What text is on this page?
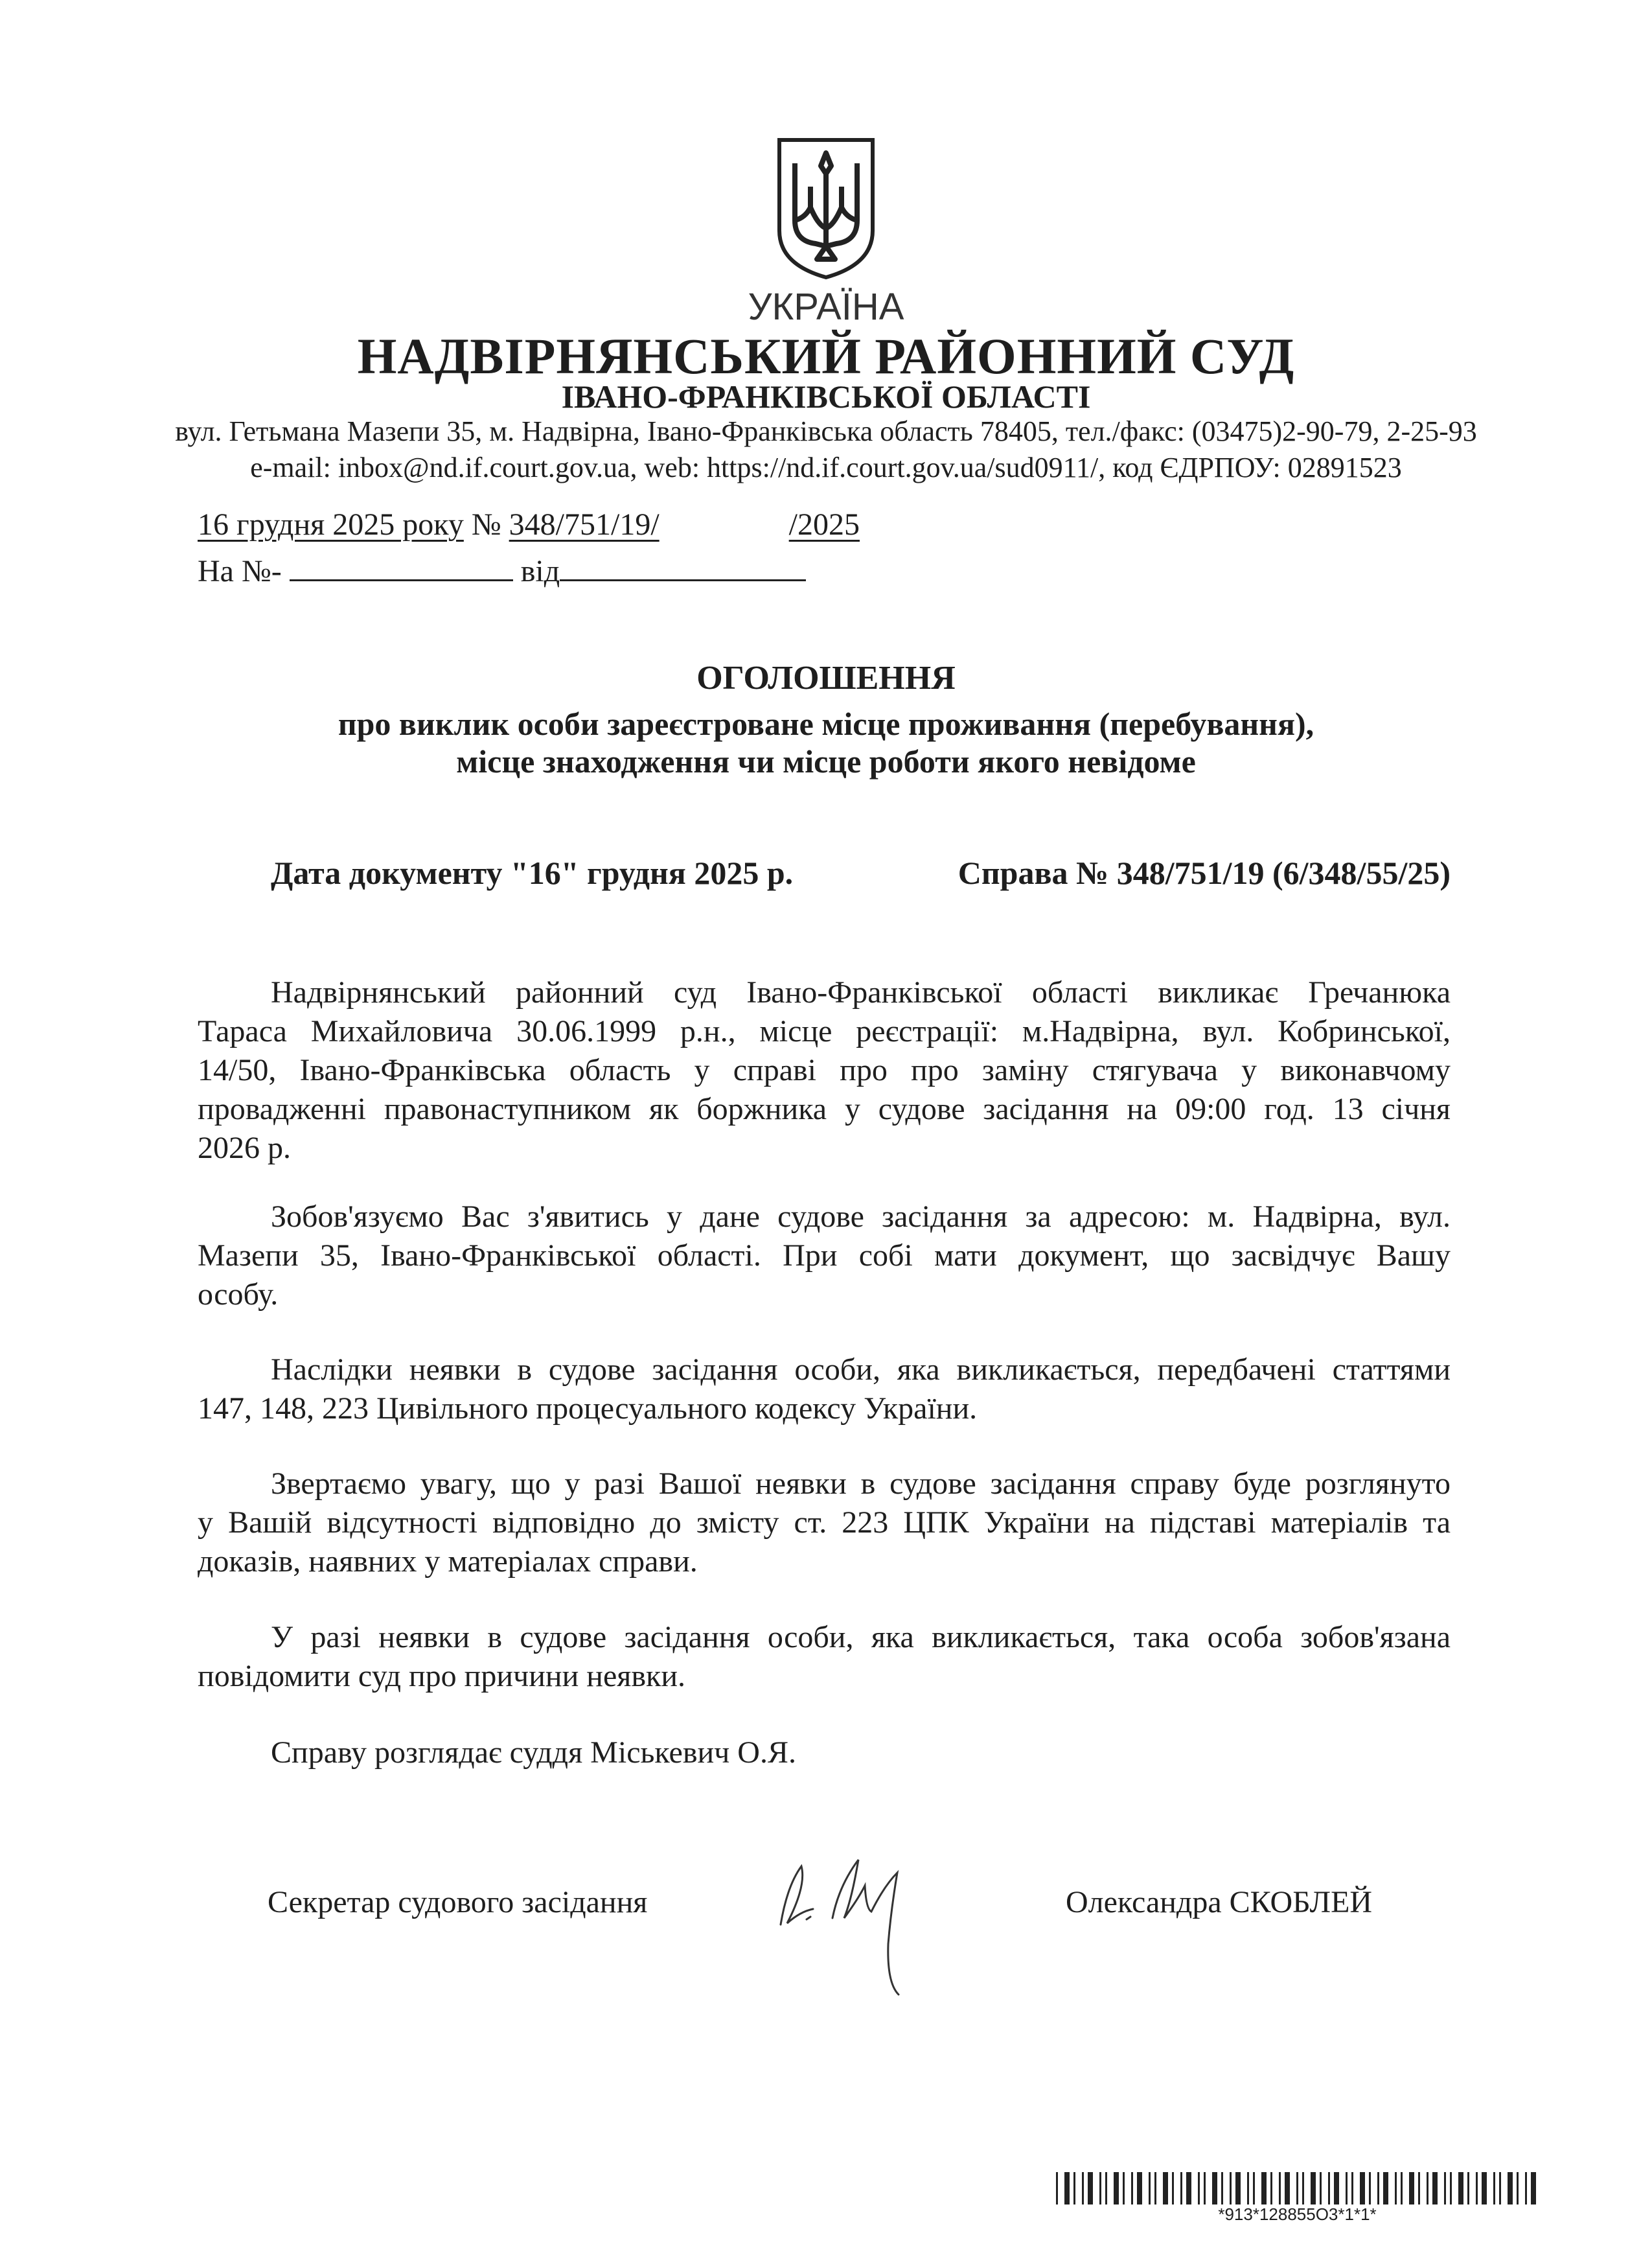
УКРАЇНА
НАДВІРНЯНСЬКИЙ РАЙОННИЙ СУД
ІВАНО-ФРАНКІВСЬКОЇ ОБЛАСТІ
вул. Гетьмана Мазепи 35, м. Надвірна, Івано-Франківська область 78405, тел./факс: (03475)2-90-79, 2-25-93
e-mail: inbox@nd.if.court.gov.ua, web: https://nd.if.court.gov.ua/sud0911/, код ЄДРПОУ: 02891523
16 грудня 2025 року № 348/751/19/	/2025
На №-	від
ОГОЛОШЕННЯ
про виклик особи зареєстроване місце проживання (перебування),
місце знаходження чи місце роботи якого невідоме
Дата документу "16" грудня 2025 р.	Справа № 348/751/19 (6/348/55/25)
Надвірнянський районний суд Івано-Франківської області викликає Гречанюка
Тараса Михайловича 30.06.1999 р.н., місце реєстрації: м.Надвірна, вул. Кобринської,
14/50, Івано-Франківська область у справі про про заміну стягувача у виконавчому
провадженні правонаступником як боржника у судове засідання на 09:00 год. 13 січня
2026 р.
Зобов'язуємо Вас з'явитись у дане судове засідання за адресою: м. Надвірна, вул.
Мазепи 35, Івано-Франківської області. При собі мати документ, що засвідчує Вашу
особу.
Наслідки неявки в судове засідання особи, яка викликається, передбачені статтями
147, 148, 223 Цивільного процесуального кодексу України.
Звертаємо увагу, що у разі Вашої неявки в судове засідання справу буде розглянуто
у Вашій відсутності відповідно до змісту ст. 223 ЦПК України на підставі матеріалів та
доказів, наявних у матеріалах справи.
У разі неявки в судове засідання особи, яка викликається, така особа зобов'язана
повідомити суд про причини неявки.
Справу розглядає суддя Міськевич О.Я.
Секретар судового засідання	Олександра СКОБЛЕЙ
*913*128855O3*1*1*
